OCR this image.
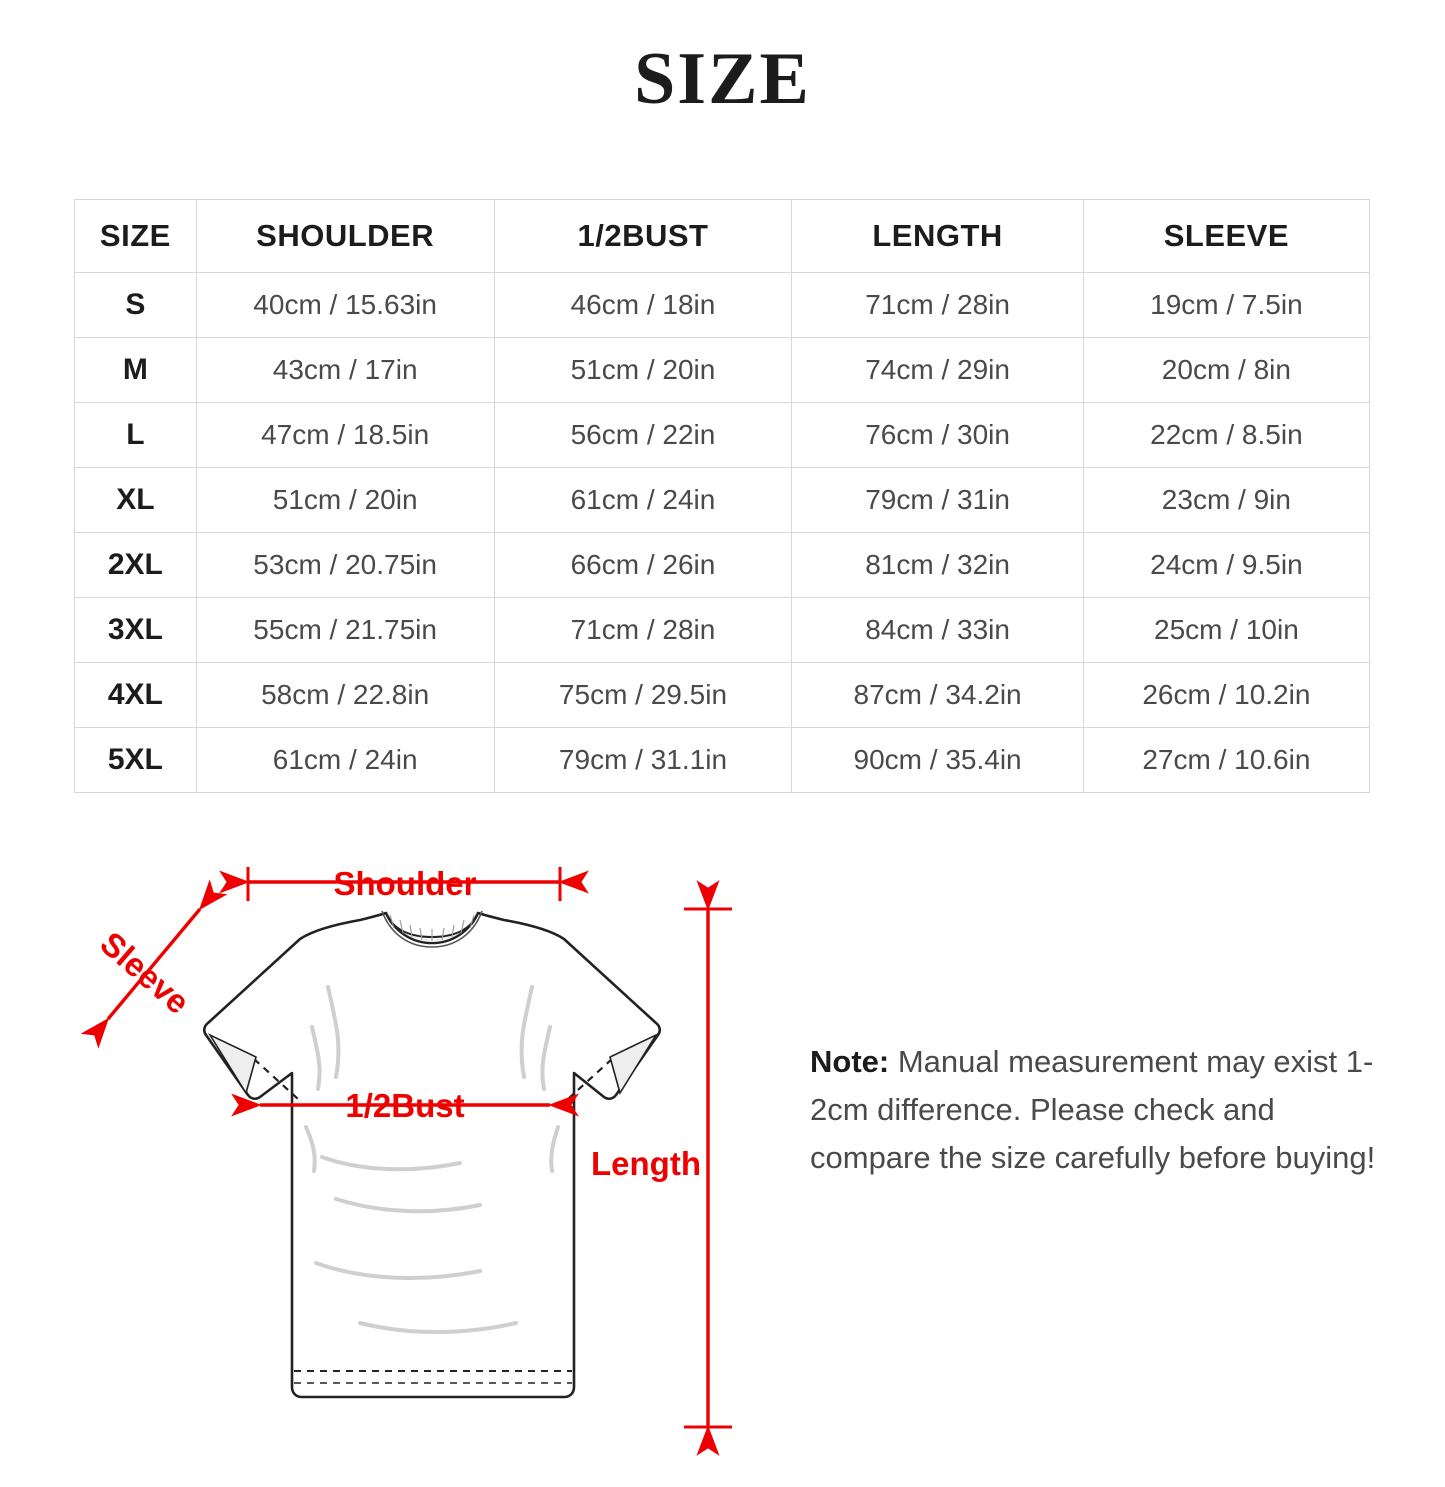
SIZE
SIZE	SHOULDER	1/2BUST	LENGTH	SLEEVE
S	40cm / 15.63in	46cm / 18in	71cm / 28in	19cm / 7.5in
M	43cm / 17in	51cm / 20in	74cm / 29in	20cm / 8in
L	47cm / 18.5in	56cm / 22in	76cm / 30in	22cm / 8.5in
XL	51cm / 20in	61cm / 24in	79cm / 31in	23cm / 9in
2XL	53cm / 20.75in	66cm / 26in	81cm / 32in	24cm / 9.5in
3XL	55cm / 21.75in	71cm / 28in	84cm / 33in	25cm / 10in
4XL	58cm / 22.8in	75cm / 29.5in	87cm / 34.2in	26cm / 10.2in
5XL	61cm / 24in	79cm / 31.1in	90cm / 35.4in	27cm / 10.6in
Shoulder
Sleeve
1/2Bust
Length

Note: Manual measurement may exist 1-2cm difference. Please check and compare the size carefully before buying!
